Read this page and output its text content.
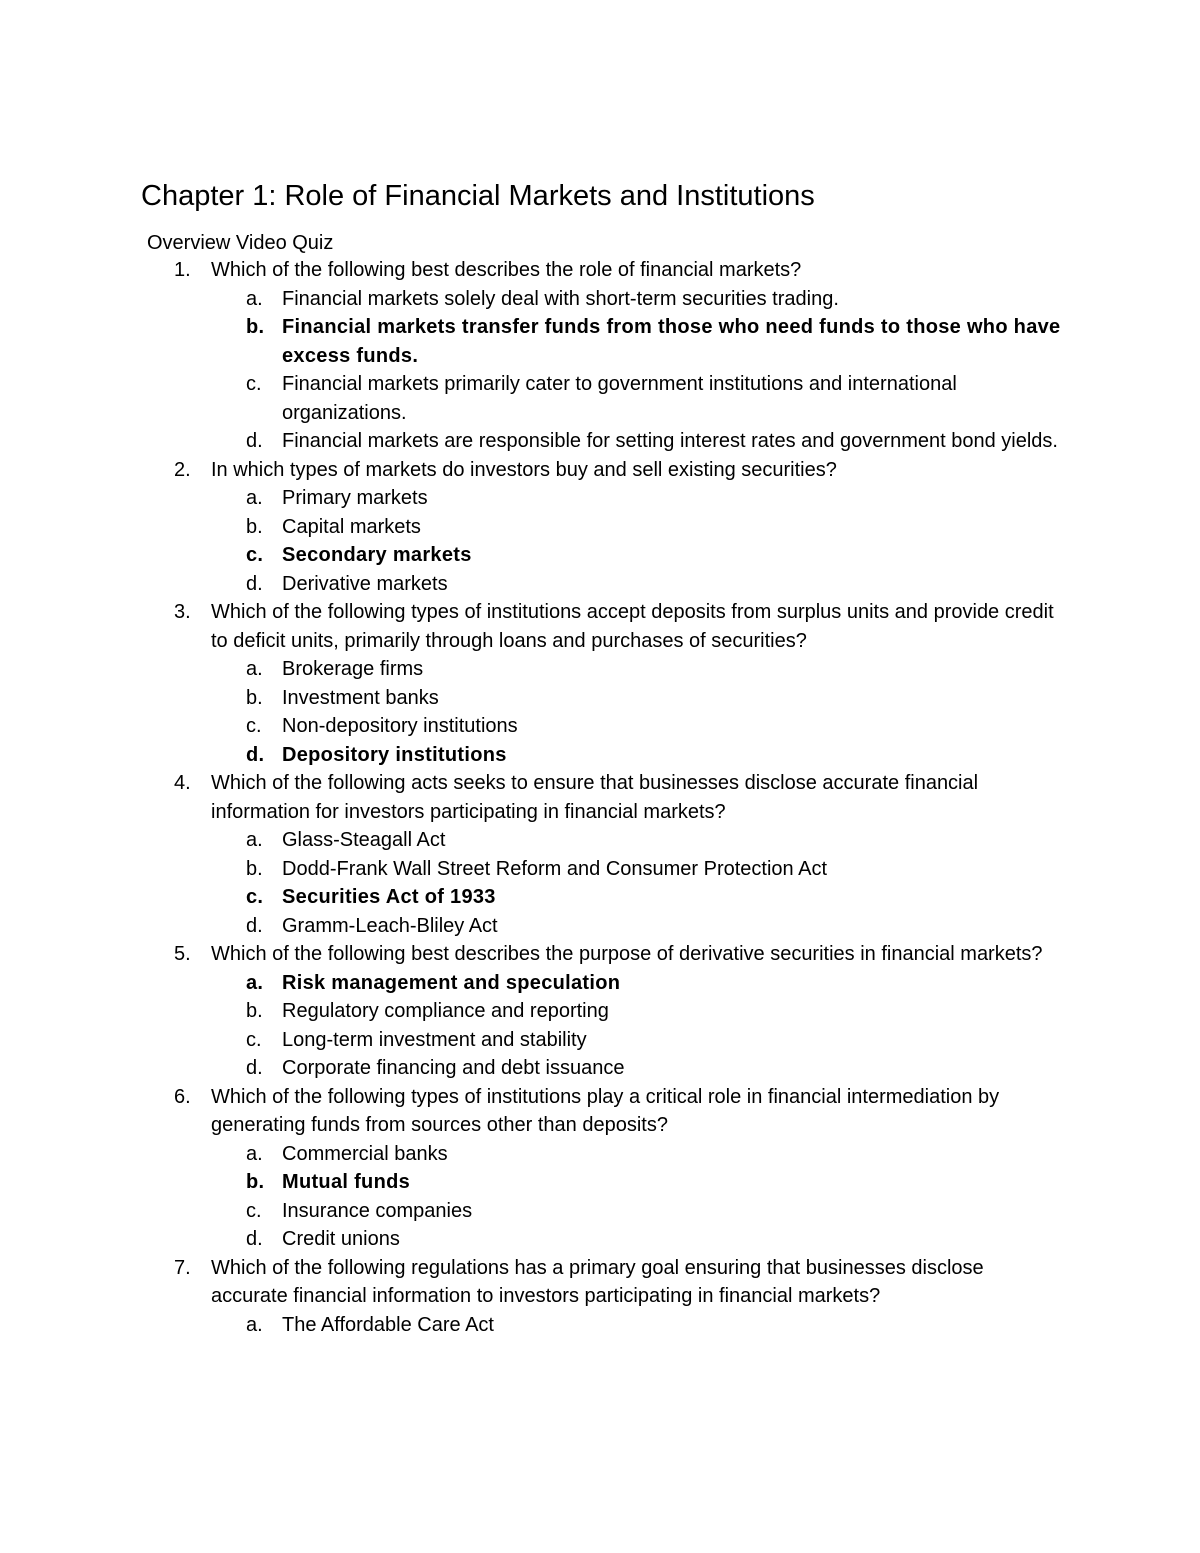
Chapter 1: Role of Financial Markets and Institutions
Overview Video Quiz
1. Which of the following best describes the role of financial markets?
a. Financial markets solely deal with short-term securities trading.
b. Financial markets transfer funds from those who need funds to those who have excess funds.
c. Financial markets primarily cater to government institutions and international organizations.
d. Financial markets are responsible for setting interest rates and government bond yields.
2. In which types of markets do investors buy and sell existing securities?
a. Primary markets
b. Capital markets
c. Secondary markets
d. Derivative markets
3. Which of the following types of institutions accept deposits from surplus units and provide credit to deficit units, primarily through loans and purchases of securities?
a. Brokerage firms
b. Investment banks
c. Non-depository institutions
d. Depository institutions
4. Which of the following acts seeks to ensure that businesses disclose accurate financial information for investors participating in financial markets?
a. Glass-Steagall Act
b. Dodd-Frank Wall Street Reform and Consumer Protection Act
c. Securities Act of 1933
d. Gramm-Leach-Bliley Act
5. Which of the following best describes the purpose of derivative securities in financial markets?
a. Risk management and speculation
b. Regulatory compliance and reporting
c. Long-term investment and stability
d. Corporate financing and debt issuance
6. Which of the following types of institutions play a critical role in financial intermediation by generating funds from sources other than deposits?
a. Commercial banks
b. Mutual funds
c. Insurance companies
d. Credit unions
7. Which of the following regulations has a primary goal ensuring that businesses disclose accurate financial information to investors participating in financial markets?
a. The Affordable Care Act
